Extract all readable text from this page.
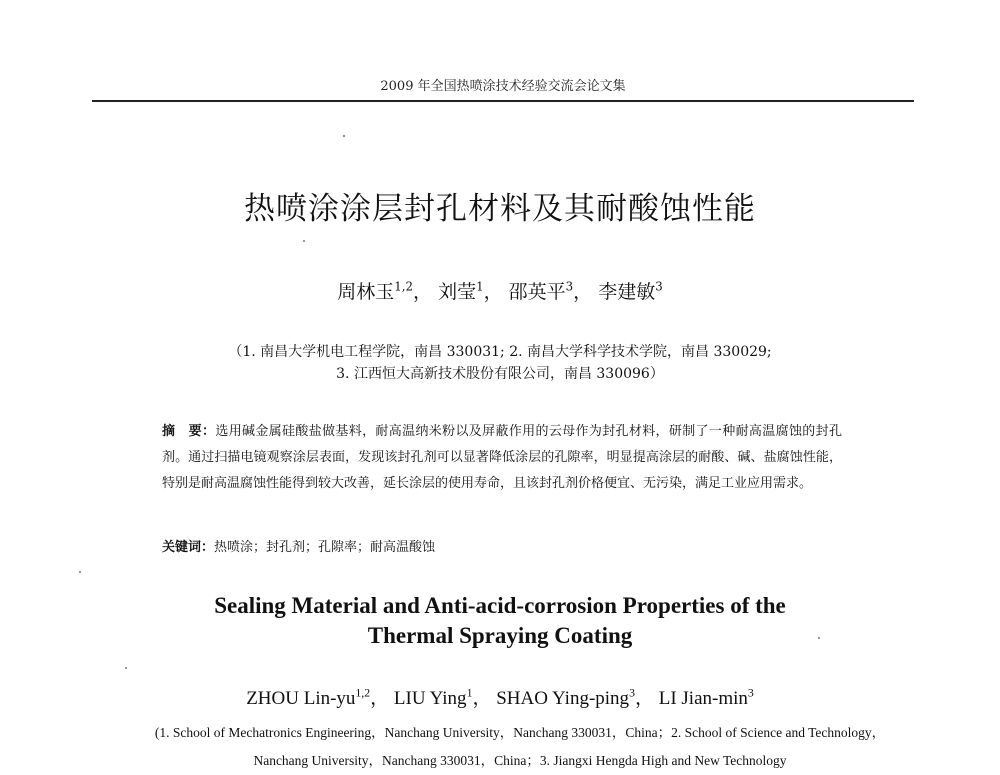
2009 年全国热喷涂技术经验交流会论文集
热喷涂涂层封孔材料及其耐酸蚀性能
周林玉$^{1,2}$， 刘莹$^1$， 邵英平$^3$， 李建敏$^3$
（1. 南昌大学机电工程学院，南昌 330031; 2. 南昌大学科学技术学院，南昌 330029;
3. 江西恒大高新技术股份有限公司，南昌 330096）
摘　要：选用碱金属硅酸盐做基料，耐高温纳米粉以及屏蔽作用的云母作为封孔材料，研制了一种耐高温腐蚀的封孔剂。通过扫描电镜观察涂层表面，发现该封孔剂可以显著降低涂层的孔隙率，明显提高涂层的耐酸、碱、盐腐蚀性能，特别是耐高温腐蚀性能得到较大改善，延长涂层的使用寿命，且该封孔剂价格便宜、无污染，满足工业应用需求。
关键词：热喷涂；封孔剂；孔隙率；耐高温酸蚀
Sealing Material and Anti-acid-corrosion Properties of the
Thermal Spraying Coating
ZHOU Lin-yu$^{1,2}$， LIU Ying$^1$， SHAO Ying-ping$^3$， LI Jian-$\min^3$
(1. School of Mechatronics Engineering，Nanchang University，Nanchang 330031，China；2. School of Science and Technology，
Nanchang University，Nanchang 330031，China；3. Jiangxi Hengda High and New Technology
